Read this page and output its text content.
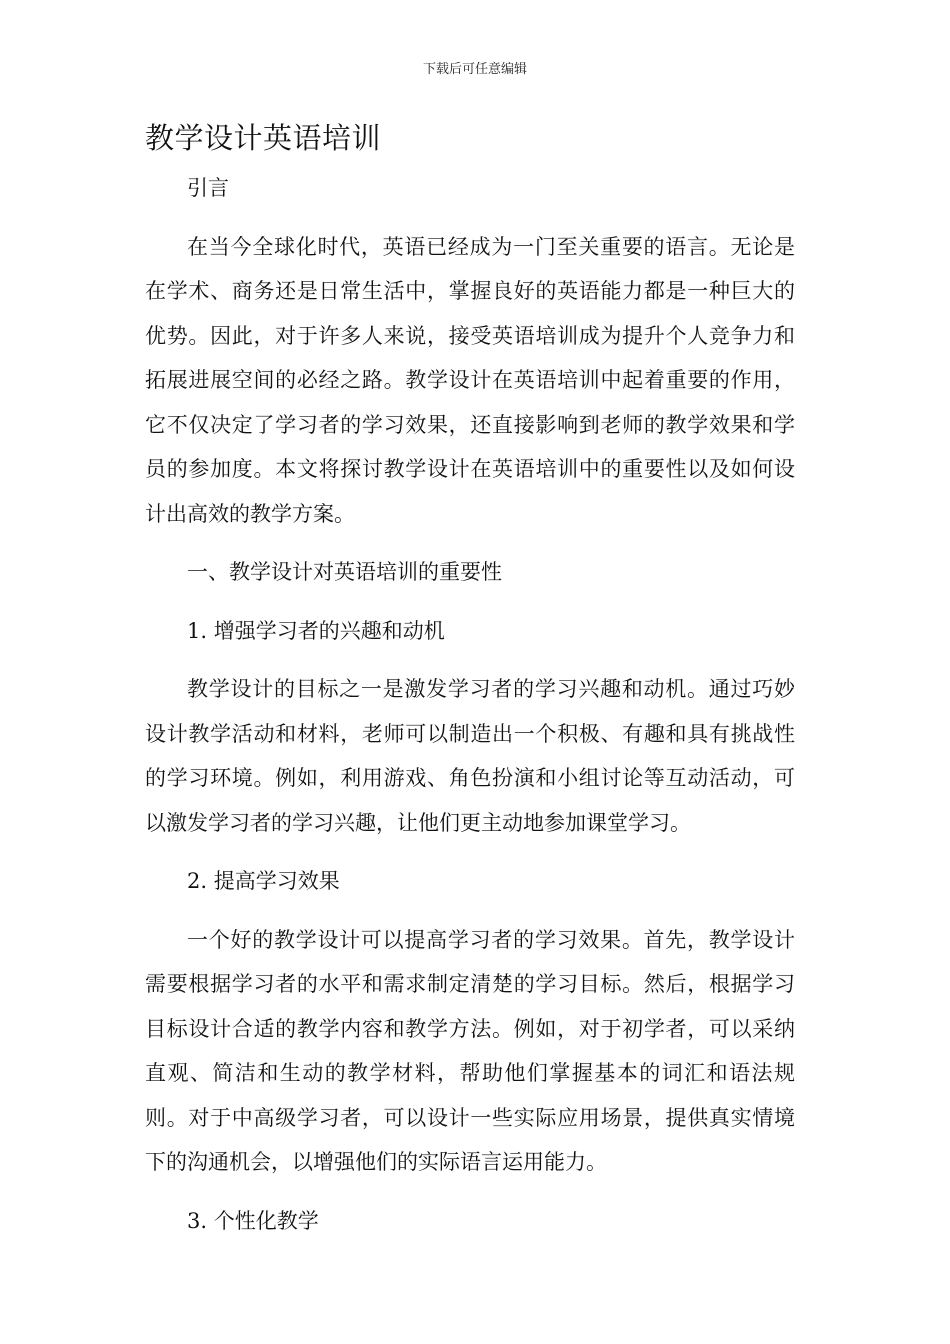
下载后可任意编辑
教学设计英语培训

引言

在当今全球化时代，英语已经成为一门至关重要的语言。无论是在学术、商务还是日常生活中，掌握良好的英语能力都是一种巨大的优势。因此，对于许多人来说，接受英语培训成为提升个人竞争力和拓展进展空间的必经之路。教学设计在英语培训中起着重要的作用，它不仅决定了学习者的学习效果，还直接影响到老师的教学效果和学员的参加度。本文将探讨教学设计在英语培训中的重要性以及如何设计出高效的教学方案。

一、教学设计对英语培训的重要性

1. 增强学习者的兴趣和动机

教学设计的目标之一是激发学习者的学习兴趣和动机。通过巧妙设计教学活动和材料，老师可以制造出一个积极、有趣和具有挑战性的学习环境。例如，利用游戏、角色扮演和小组讨论等互动活动，可以激发学习者的学习兴趣，让他们更主动地参加课堂学习。

2. 提高学习效果

一个好的教学设计可以提高学习者的学习效果。首先，教学设计需要根据学习者的水平和需求制定清楚的学习目标。然后，根据学习目标设计合适的教学内容和教学方法。例如，对于初学者，可以采纳直观、简洁和生动的教学材料，帮助他们掌握基本的词汇和语法规则。对于中高级学习者，可以设计一些实际应用场景，提供真实情境下的沟通机会，以增强他们的实际语言运用能力。

3. 个性化教学
